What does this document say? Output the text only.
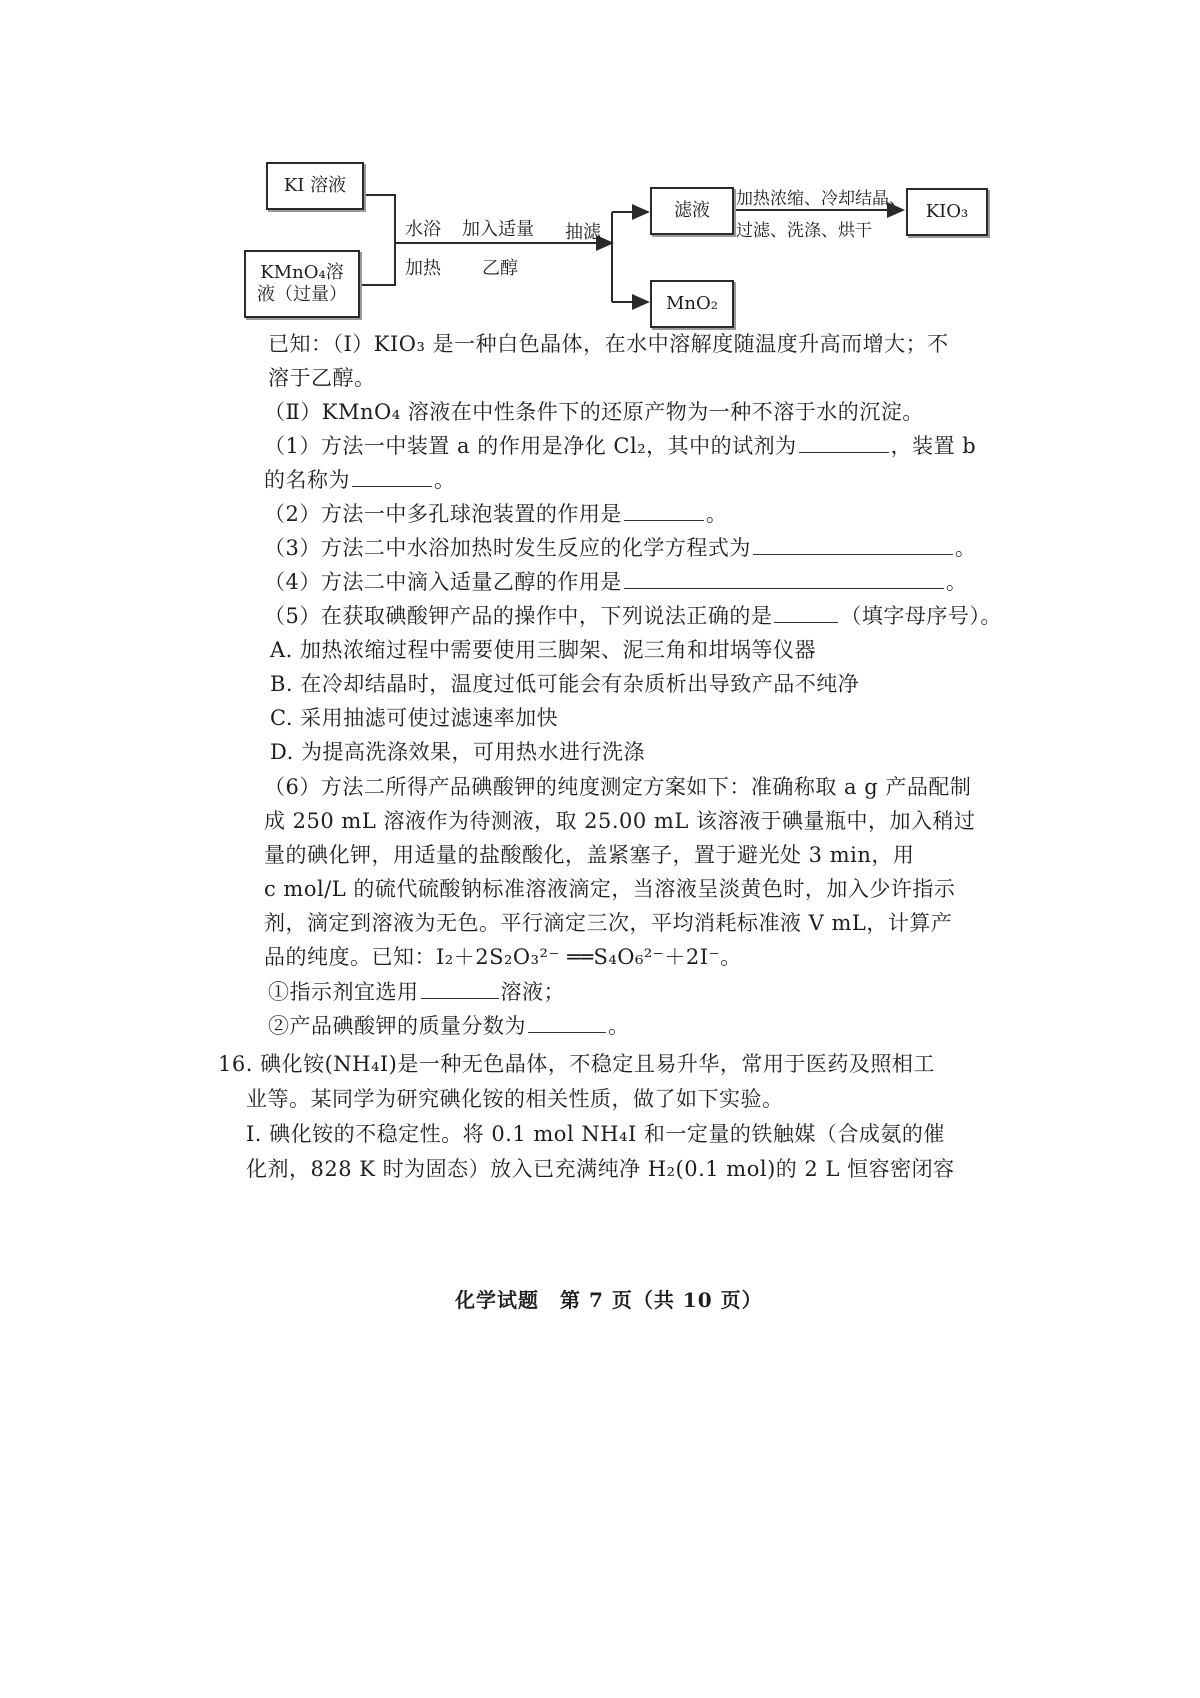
KI 溶液
KMnO₄溶
液（过量）
水浴
加热
加入适量
乙醇
抽滤
滤液
加热浓缩、冷却结晶、
过滤、洗涤、烘干
KIO₃
MnO₂
已知：（Ⅰ）KIO₃ 是一种白色晶体，在水中溶解度随温度升高而增大；不
溶于乙醇。
（Ⅱ）KMnO₄ 溶液在中性条件下的还原产物为一种不溶于水的沉淀。
（1）方法一中装置 a 的作用是净化 Cl₂，其中的试剂为	，装置 b
的名称为	。
（2）方法一中多孔球泡装置的作用是	。
（3）方法二中水浴加热时发生反应的化学方程式为	。
（4）方法二中滴入适量乙醇的作用是	。
（5）在获取碘酸钾产品的操作中，下列说法正确的是	（填字母序号）。
A. 加热浓缩过程中需要使用三脚架、泥三角和坩埚等仪器
B. 在冷却结晶时，温度过低可能会有杂质析出导致产品不纯净
C. 采用抽滤可使过滤速率加快
D. 为提高洗涤效果，可用热水进行洗涤
（6）方法二所得产品碘酸钾的纯度测定方案如下：准确称取 a g 产品配制
成 250 mL 溶液作为待测液，取 25.00 mL 该溶液于碘量瓶中，加入稍过
量的碘化钾，用适量的盐酸酸化，盖紧塞子，置于避光处 3 min，用
c mol/L 的硫代硫酸钠标准溶液滴定，当溶液呈淡黄色时，加入少许指示
剂，滴定到溶液为无色。平行滴定三次，平均消耗标准液 V mL，计算产
品的纯度。已知：I₂＋2S₂O₃²⁻ ══S₄O₆²⁻＋2I⁻。
①指示剂宜选用	溶液；
②产品碘酸钾的质量分数为	。
16. 碘化铵(NH₄I)是一种无色晶体，不稳定且易升华，常用于医药及照相工
业等。某同学为研究碘化铵的相关性质，做了如下实验。
Ⅰ. 碘化铵的不稳定性。将 0.1 mol NH₄I 和一定量的铁触媒（合成氨的催
化剂，828 K 时为固态）放入已充满纯净 H₂(0.1 mol)的 2 L 恒容密闭容
化学试题　第 7 页（共 10 页）
